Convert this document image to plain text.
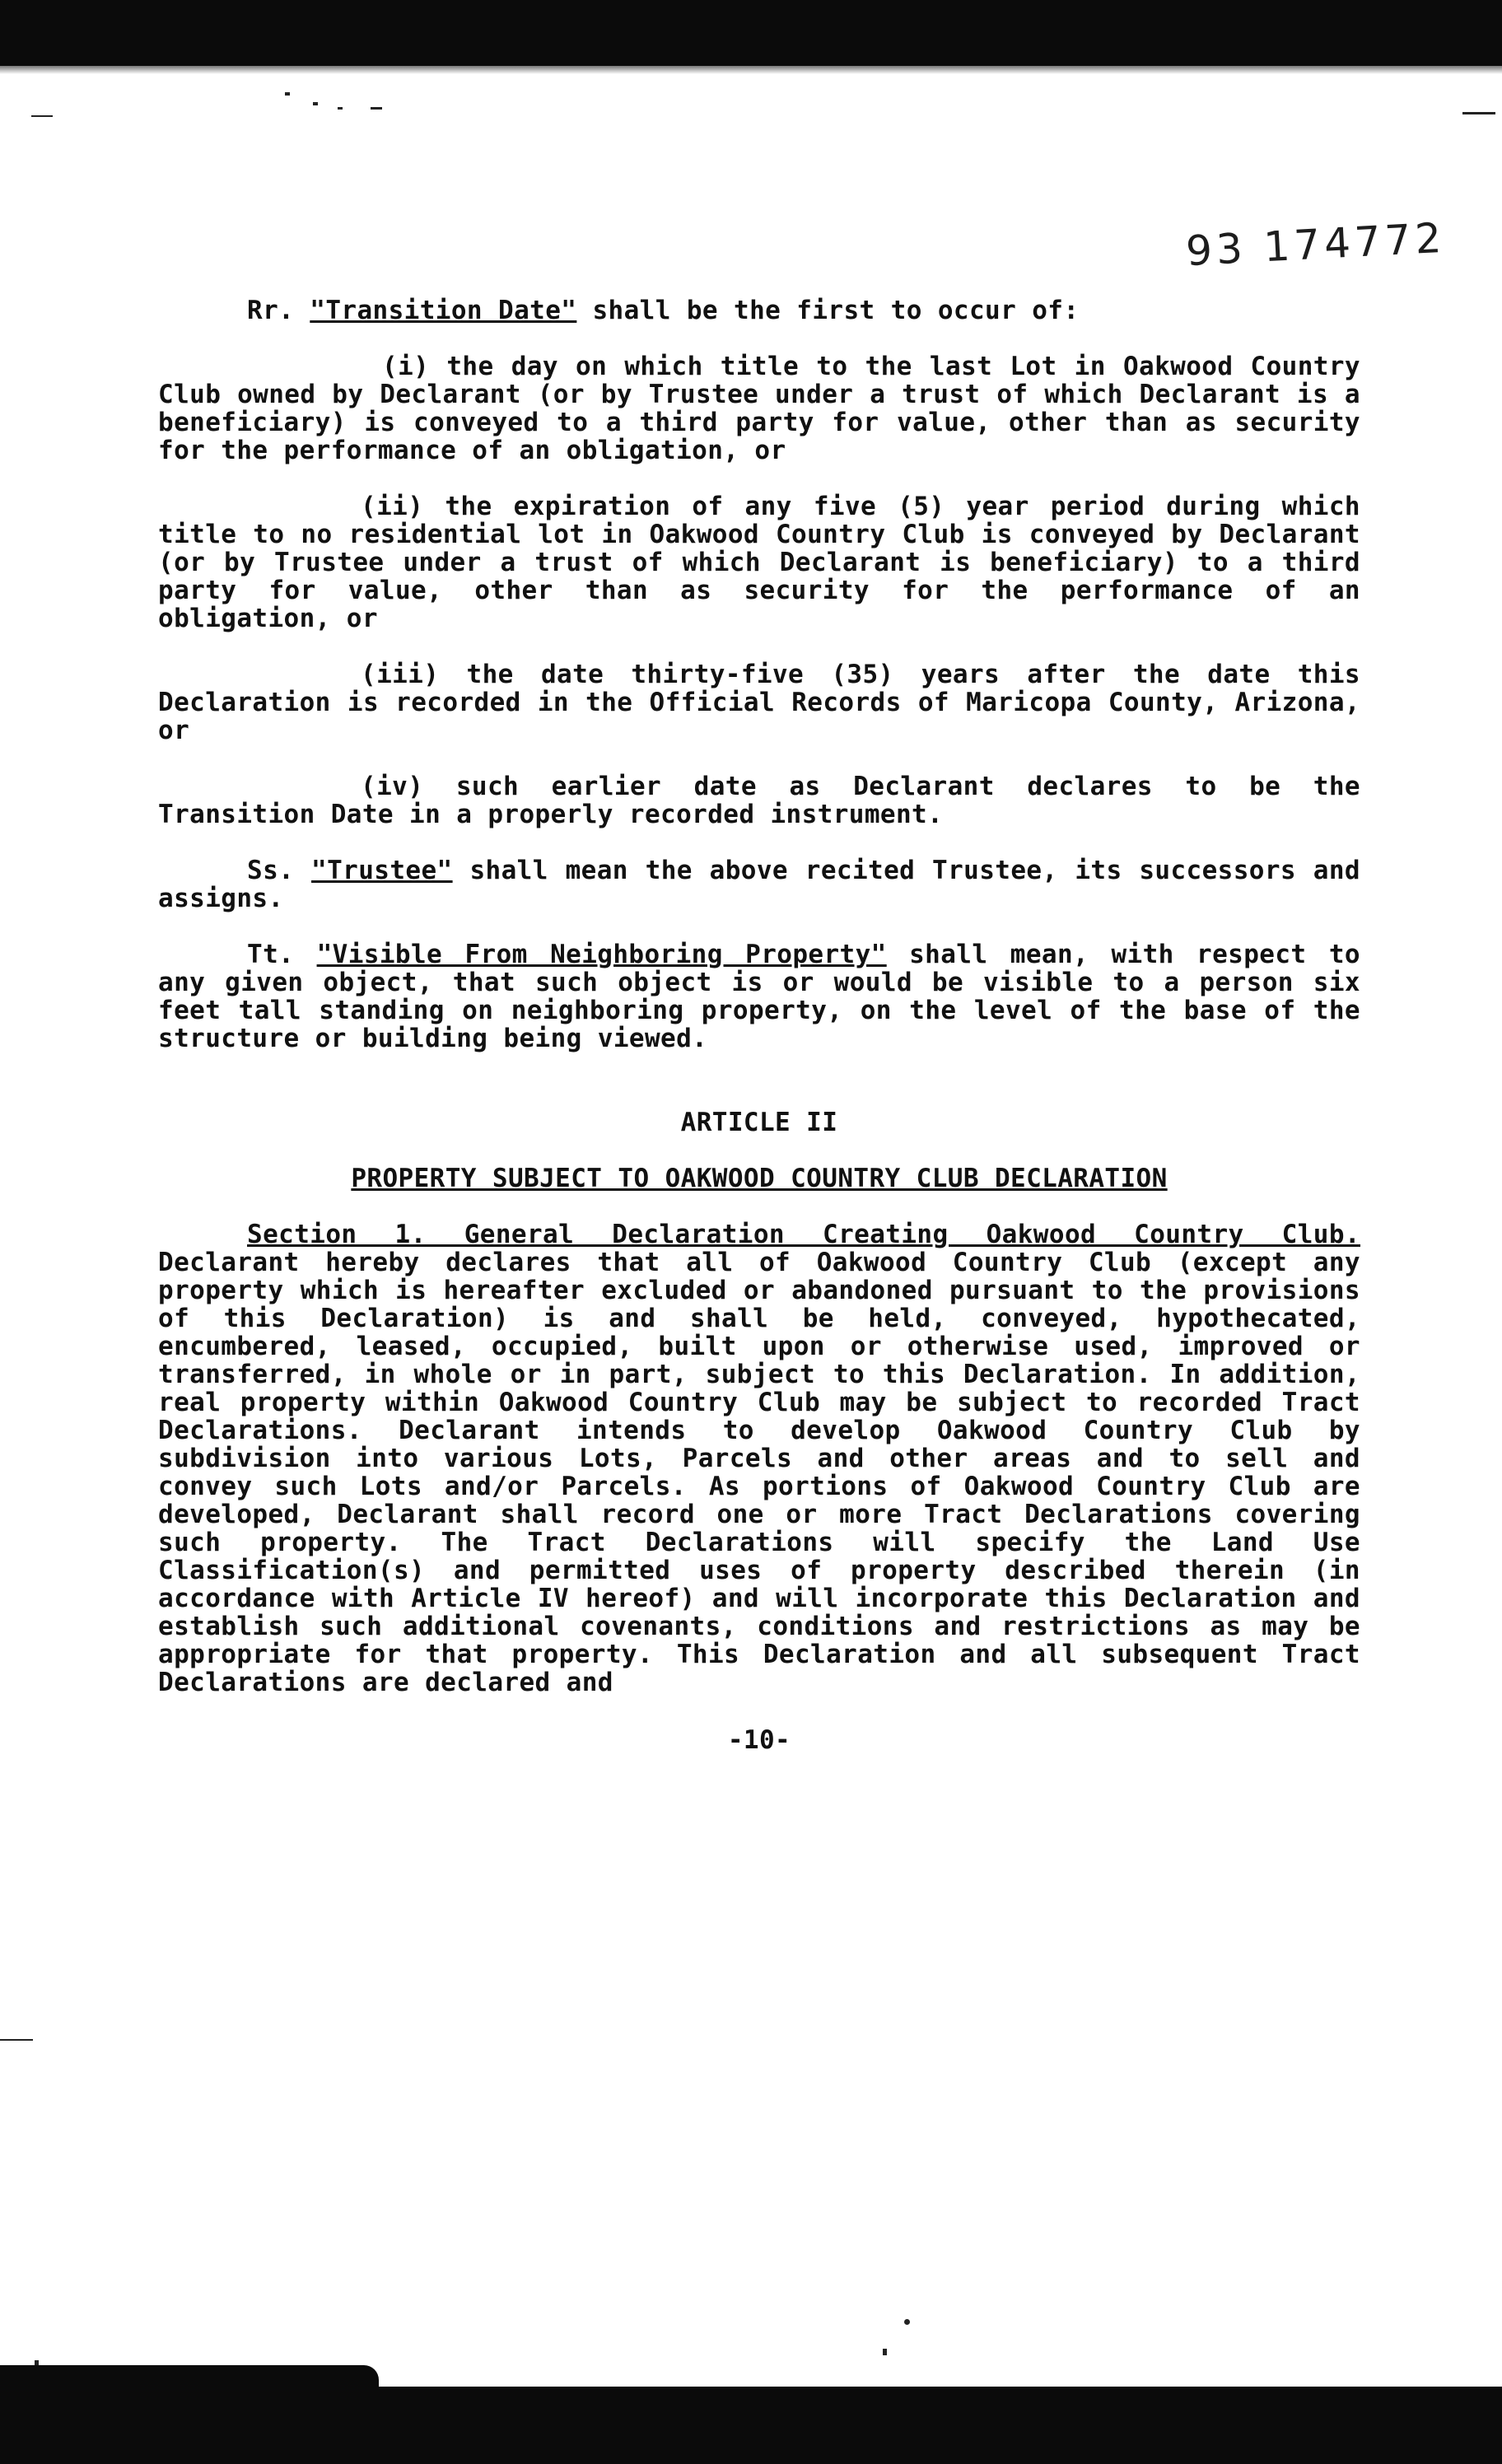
93 174772

Rr. "Transition Date" shall be the first to occur of:

(i) the day on which title to the last Lot in Oakwood Country Club owned by Declarant (or by Trustee under a trust of which Declarant is a beneficiary) is conveyed to a third party for value, other than as security for the performance of an obligation, or

(ii) the expiration of any five (5) year period during which title to no residential lot in Oakwood Country Club is conveyed by Declarant (or by Trustee under a trust of which Declarant is beneficiary) to a third party for value, other than as security for the performance of an obligation, or

(iii) the date thirty-five (35) years after the date this Declaration is recorded in the Official Records of Maricopa County, Arizona, or

(iv) such earlier date as Declarant declares to be the Transition Date in a properly recorded instrument.

Ss. "Trustee" shall mean the above recited Trustee, its successors and assigns.

Tt. "Visible From Neighboring Property" shall mean, with respect to any given object, that such object is or would be visible to a person six feet tall standing on neighboring property, on the level of the base of the structure or building being viewed.

ARTICLE II

PROPERTY SUBJECT TO OAKWOOD COUNTRY CLUB DECLARATION

Section 1. General Declaration Creating Oakwood Country Club. Declarant hereby declares that all of Oakwood Country Club (except any property which is hereafter excluded or abandoned pursuant to the provisions of this Declaration) is and shall be held, conveyed, hypothecated, encumbered, leased, occupied, built upon or otherwise used, improved or transferred, in whole or in part, subject to this Declaration. In addition, real property within Oakwood Country Club may be subject to recorded Tract Declarations. Declarant intends to develop Oakwood Country Club by subdivision into various Lots, Parcels and other areas and to sell and convey such Lots and/or Parcels. As portions of Oakwood Country Club are developed, Declarant shall record one or more Tract Declarations covering such property. The Tract Declarations will specify the Land Use Classification(s) and permitted uses of property described therein (in accordance with Article IV hereof) and will incorporate this Declaration and establish such additional covenants, conditions and restrictions as may be appropriate for that property. This Declaration and all subsequent Tract Declarations are declared and

-10-
